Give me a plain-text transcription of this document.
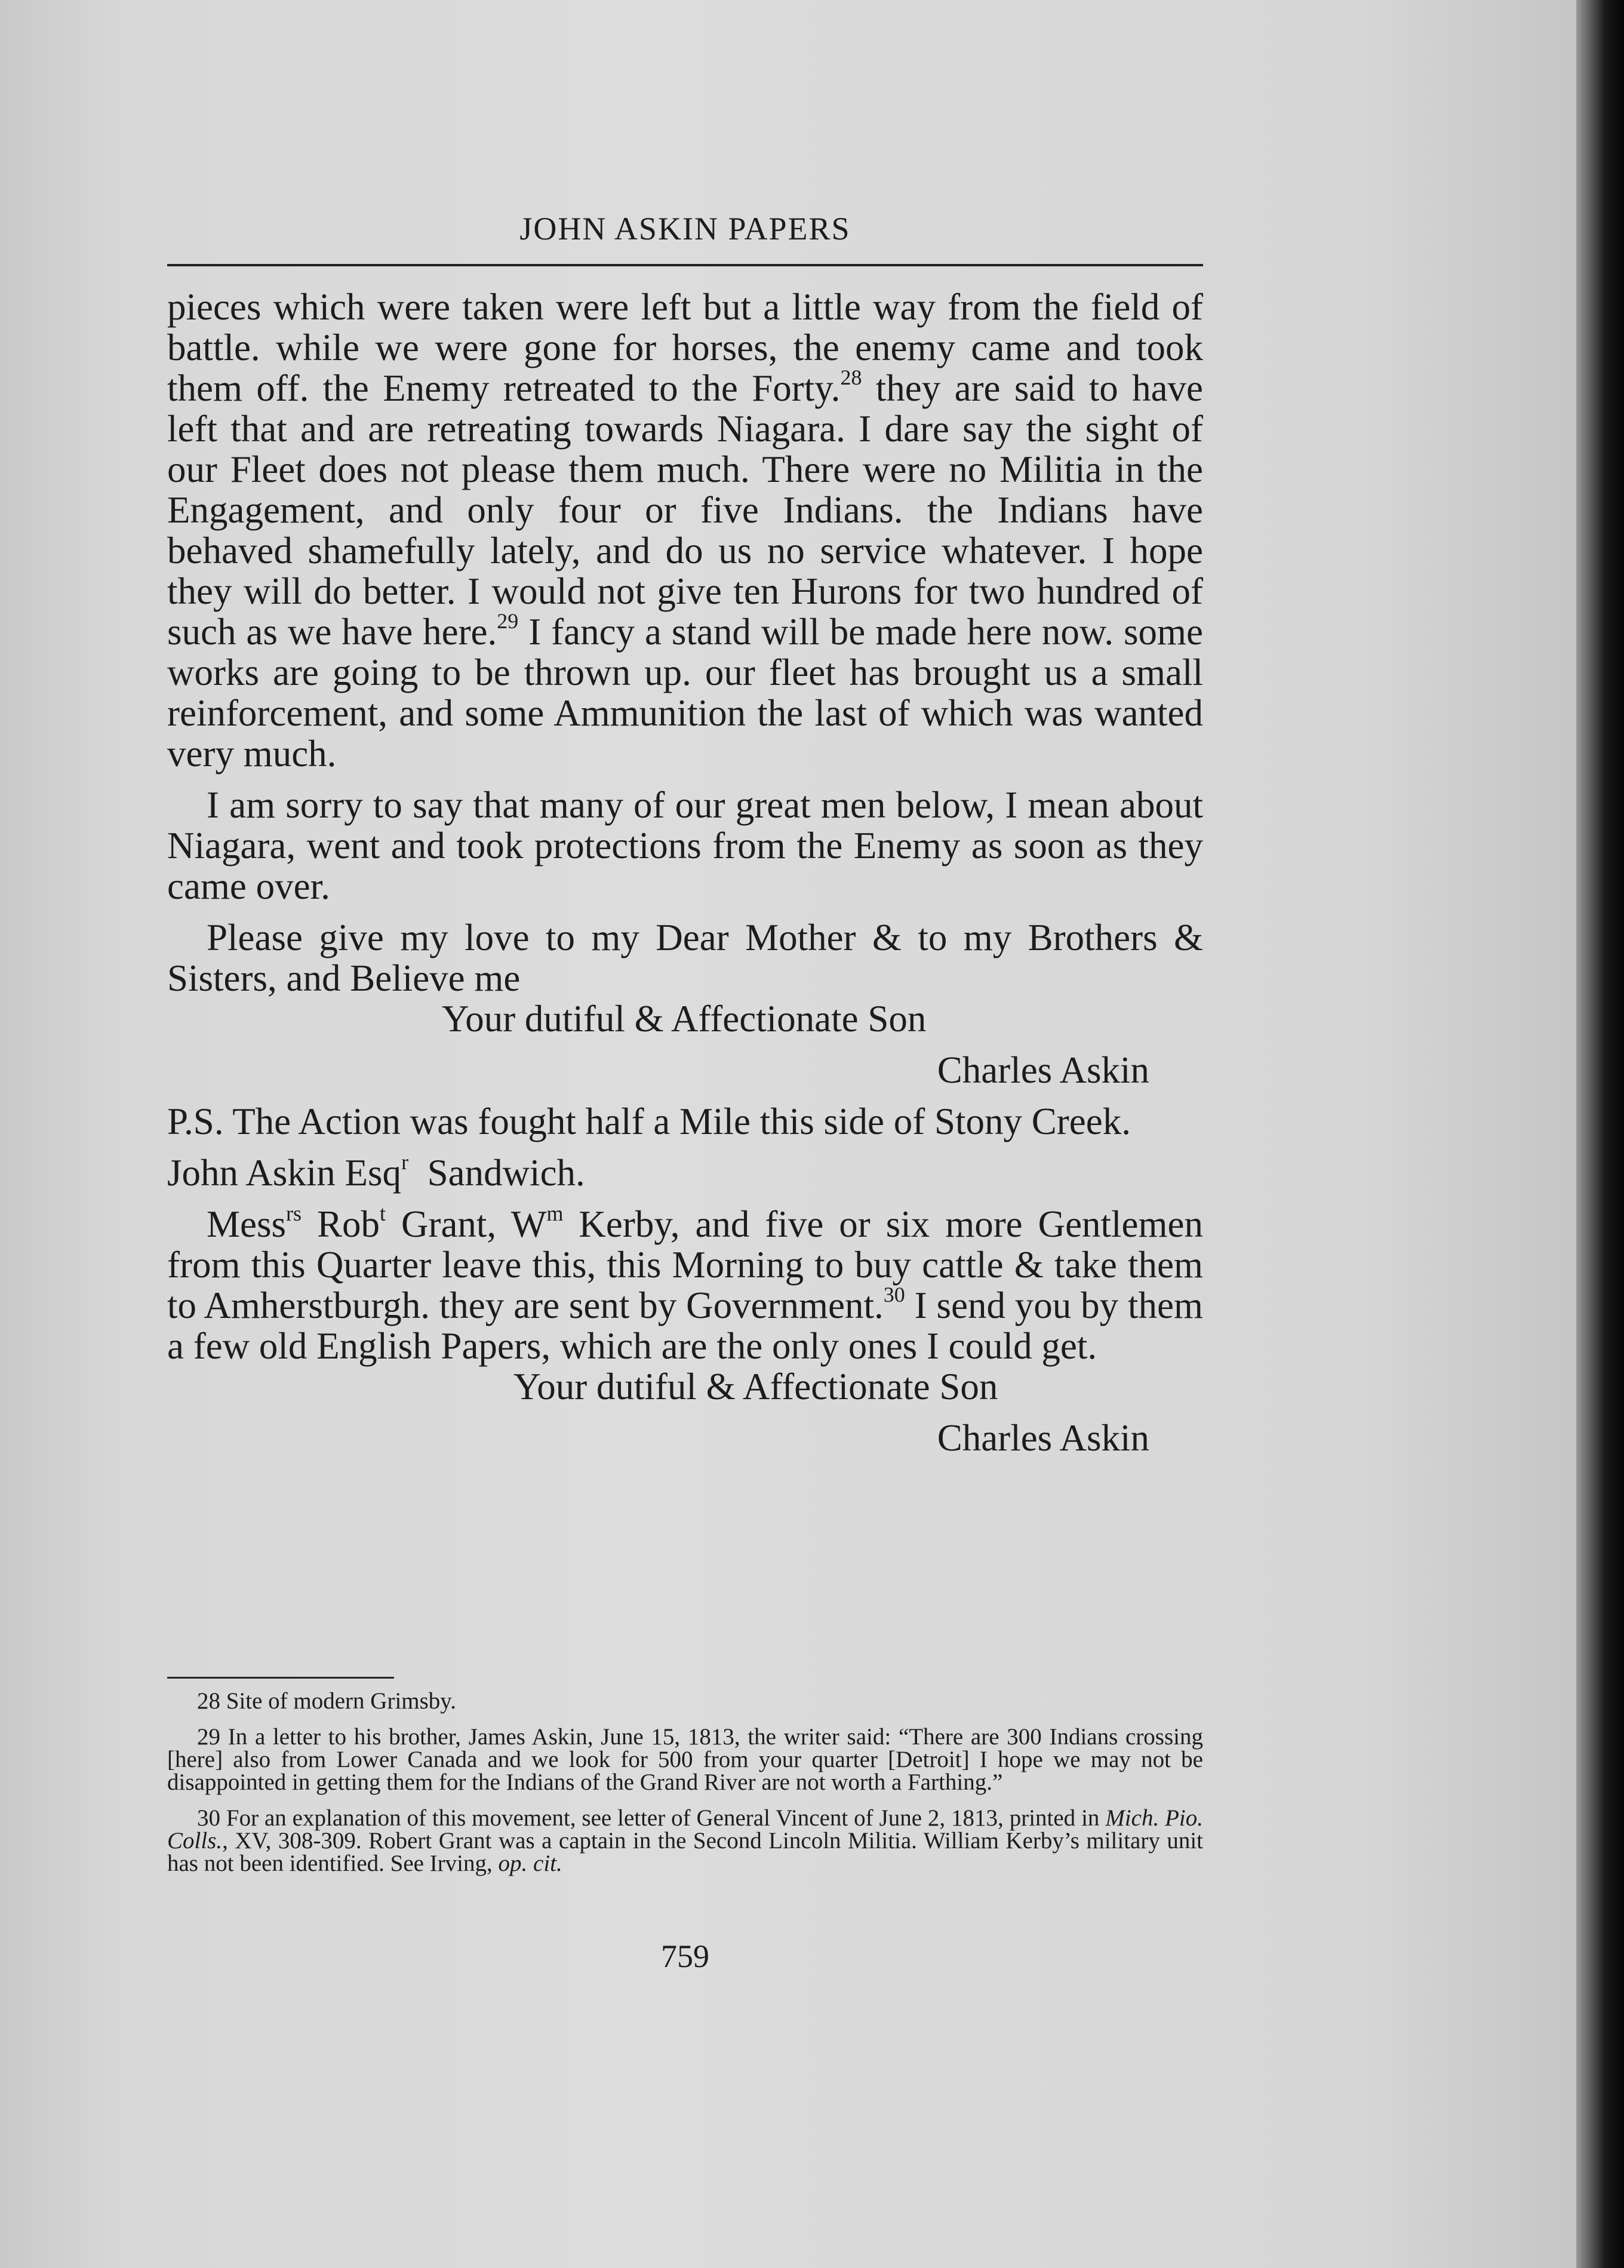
JOHN ASKIN PAPERS

pieces which were taken were left but a little way from the field of battle. while we were gone for horses, the enemy came and took them off. the Enemy retreated to the Forty.$^{28}$ they are said to have left that and are retreating towards Niagara. I dare say the sight of our Fleet does not please them much. There were no Militia in the Engagement, and only four or five Indians. the Indians have behaved shamefully lately, and do us no service whatever. I hope they will do better. I would not give ten Hurons for two hundred of such as we have here.$^{29}$ I fancy a stand will be made here now. some works are going to be thrown up. our fleet has brought us a small reinforcement, and some Ammunition the last of which was wanted very much.

I am sorry to say that many of our great men below, I mean about Niagara, went and took protections from the Enemy as soon as they came over.

Please give my love to my Dear Mother & to my Brothers & Sisters, and Believe me

Your dutiful & Affectionate Son

Charles Askin

P.S. The Action was fought half a Mile this side of Stony Creek.

John Askin Esq$^r$ Sandwich.

Mess$^{rs}$ Rob$^t$ Grant, $W^m$ Kerby, and five or six more Gentlemen from this Quarter leave this, this Morning to buy cattle & take them to Amherstburgh. they are sent by Government.$^{30}$ I send you by them a few old English Papers, which are the only ones I could get.

Your dutiful & Affectionate Son

Charles Askin

28 Site of modern Grimsby.

29 In a letter to his brother, James Askin, June 15, 1813, the writer said: “There are 300 Indians crossing [here] also from Lower Canada and we look for 500 from your quarter [Detroit] I hope we may not be disappointed in getting them for the Indians of the Grand River are not worth a Farthing.”

30 For an explanation of this movement, see letter of General Vincent of June 2, 1813, printed in Mich. Pio. Colls., XV, 308-309. Robert Grant was a captain in the Second Lincoln Militia. William Kerby’s military unit has not been identified. See Irving, op. cit.

759
